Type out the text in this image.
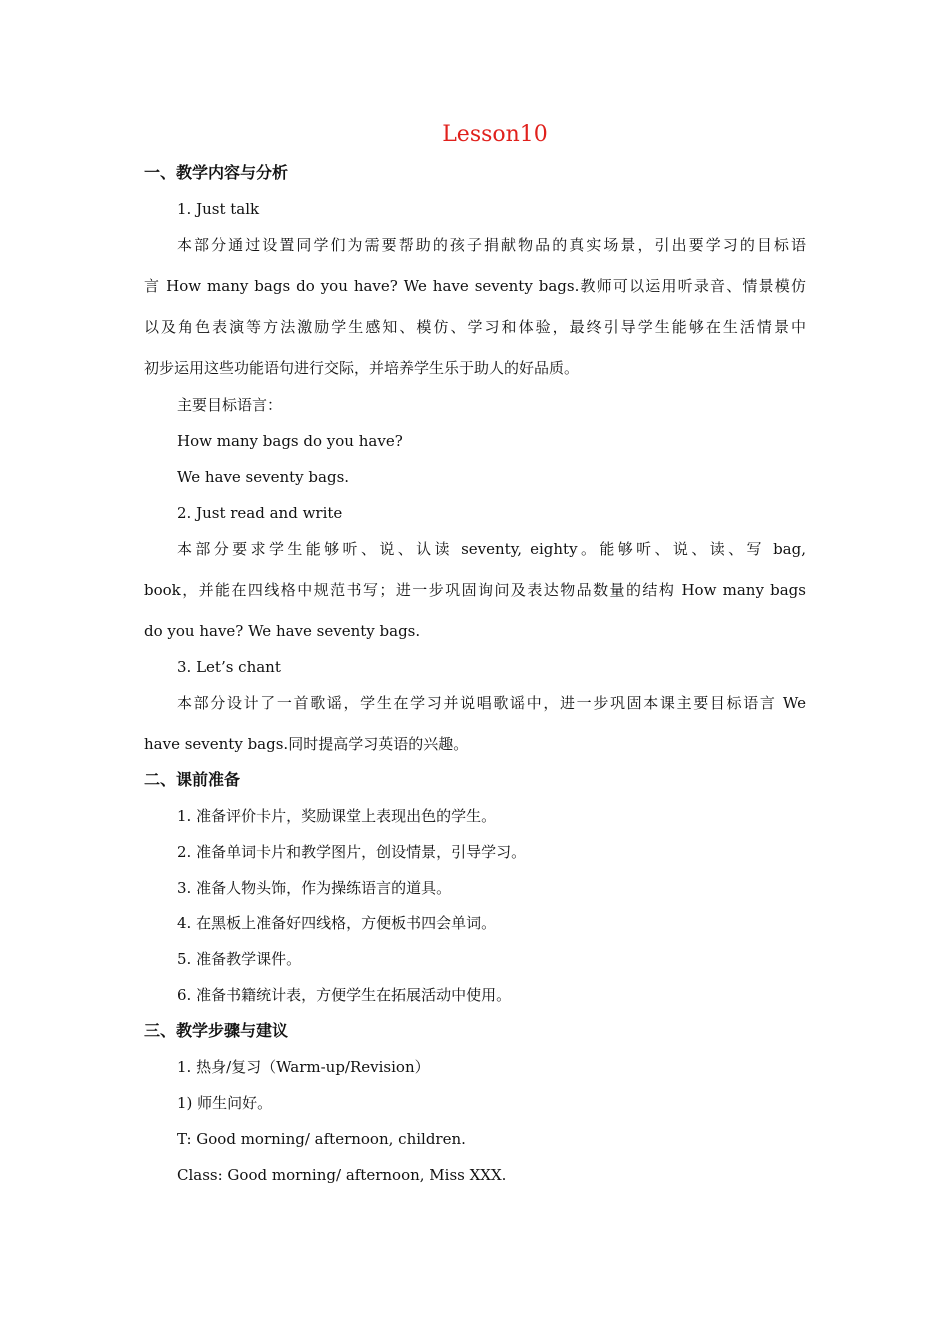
Lesson10
一、教学内容与分析
1. Just talk
本部分通过设置同学们为需要帮助的孩子捐献物品的真实场景，引出要学习的目标语
言 How many bags do you have? We have seventy bags.教师可以运用听录音、情景模仿
以及角色表演等方法激励学生感知、模仿、学习和体验，最终引导学生能够在生活情景中
初步运用这些功能语句进行交际，并培养学生乐于助人的好品质。
主要目标语言：
How many bags do you have?
We have seventy bags.
2. Just read and write
本部分要求学生能够听、说、认读 seventy, eighty。能够听、说、读、写 bag,
book，并能在四线格中规范书写；进一步巩固询问及表达物品数量的结构 How many bags
do you have? We have seventy bags.
3. Let’s chant
本部分设计了一首歌谣，学生在学习并说唱歌谣中，进一步巩固本课主要目标语言 We
have seventy bags.同时提高学习英语的兴趣。
二、课前准备
1. 准备评价卡片，奖励课堂上表现出色的学生。
2. 准备单词卡片和教学图片，创设情景，引导学习。
3. 准备人物头饰，作为操练语言的道具。
4. 在黑板上准备好四线格，方便板书四会单词。
5. 准备教学课件。
6. 准备书籍统计表，方便学生在拓展活动中使用。
三、教学步骤与建议
1. 热身/复习（Warm-up/Revision）
1) 师生问好。
T: Good morning/ afternoon, children.
Class: Good morning/ afternoon, Miss XXX.
